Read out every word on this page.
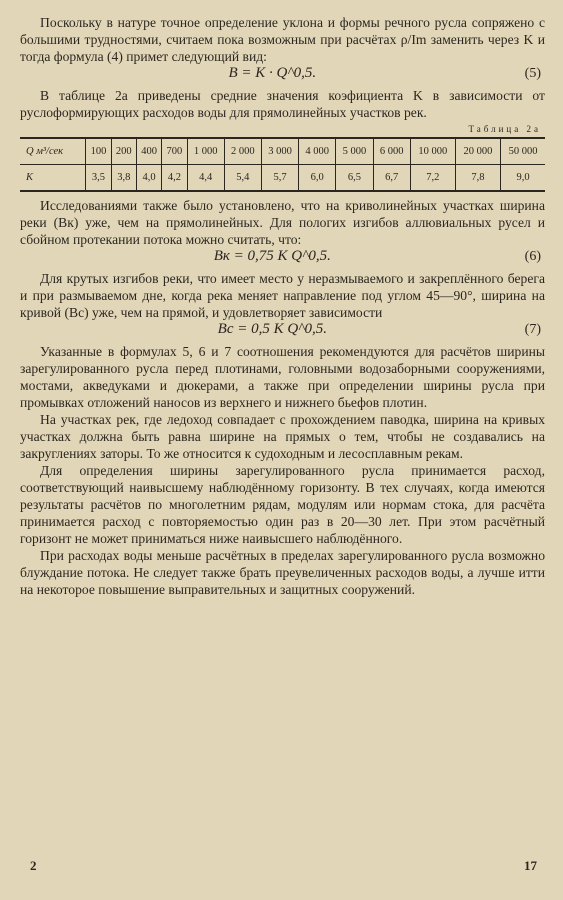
Поскольку в натуре точное определение уклона и формы речного русла сопряжено с большими трудностями, считаем пока возможным при расчётах ρ/Im заменить через K и тогда формула (4) примет следующий вид:

B = K · Q^0,5.	(5)

В таблице 2а приведены средние значения коэфициента K в зависимости от руслоформирующих расходов воды для прямолинейных участков рек.

Таблица 2а
Q м³/сек	100	200	400	700	1 000	2 000	3 000	4 000	5 000	6 000	10 000	20 000	50 000
K	3,5	3,8	4,0	4,2	4,4	5,4	5,7	6,0	6,5	6,7	7,2	7,8	9,0

Исследованиями также было установлено, что на криволинейных участках ширина реки (Bк) уже, чем на прямолинейных. Для пологих изгибов аллювиальных русел и сбойном протекании потока можно считать, что:

Bк = 0,75 K Q^0,5.	(6)

Для крутых изгибов реки, что имеет место у неразмываемого и закреплённого берега и при размываемом дне, когда река меняет направление под углом 45—90°, ширина на кривой (Bс) уже, чем на прямой, и удовлетворяет зависимости

Bс = 0,5 K Q^0,5.	(7)

Указанные в формулах 5, 6 и 7 соотношения рекомендуются для расчётов ширины зарегулированного русла перед плотинами, головными водозаборными сооружениями, мостами, акведуками и дюкерами, а также при определении ширины русла при промывках отложений наносов из верхнего и нижнего бьефов плотин.

На участках рек, где ледоход совпадает с прохождением паводка, ширина на кривых участках должна быть равна ширине на прямых о тем, чтобы не создавались на закруглениях заторы. То же относится к судоходным и лесосплавным рекам.

Для определения ширины зарегулированного русла принимается расход, соответствующий наивысшему наблюдённому горизонту. В тех случаях, когда имеются результаты расчётов по многолетним рядам, модулям или нормам стока, для расчёта принимается расход с повторяемостью один раз в 20—30 лет. При этом расчётный горизонт не может приниматься ниже наивысшего наблюдённого.

При расходах воды меньше расчётных в пределах зарегулированного русла возможно блуждание потока. Не следует также брать преувеличенных расходов воды, а лучше итти на некоторое повышение выправительных и защитных сооружений.

2	17
